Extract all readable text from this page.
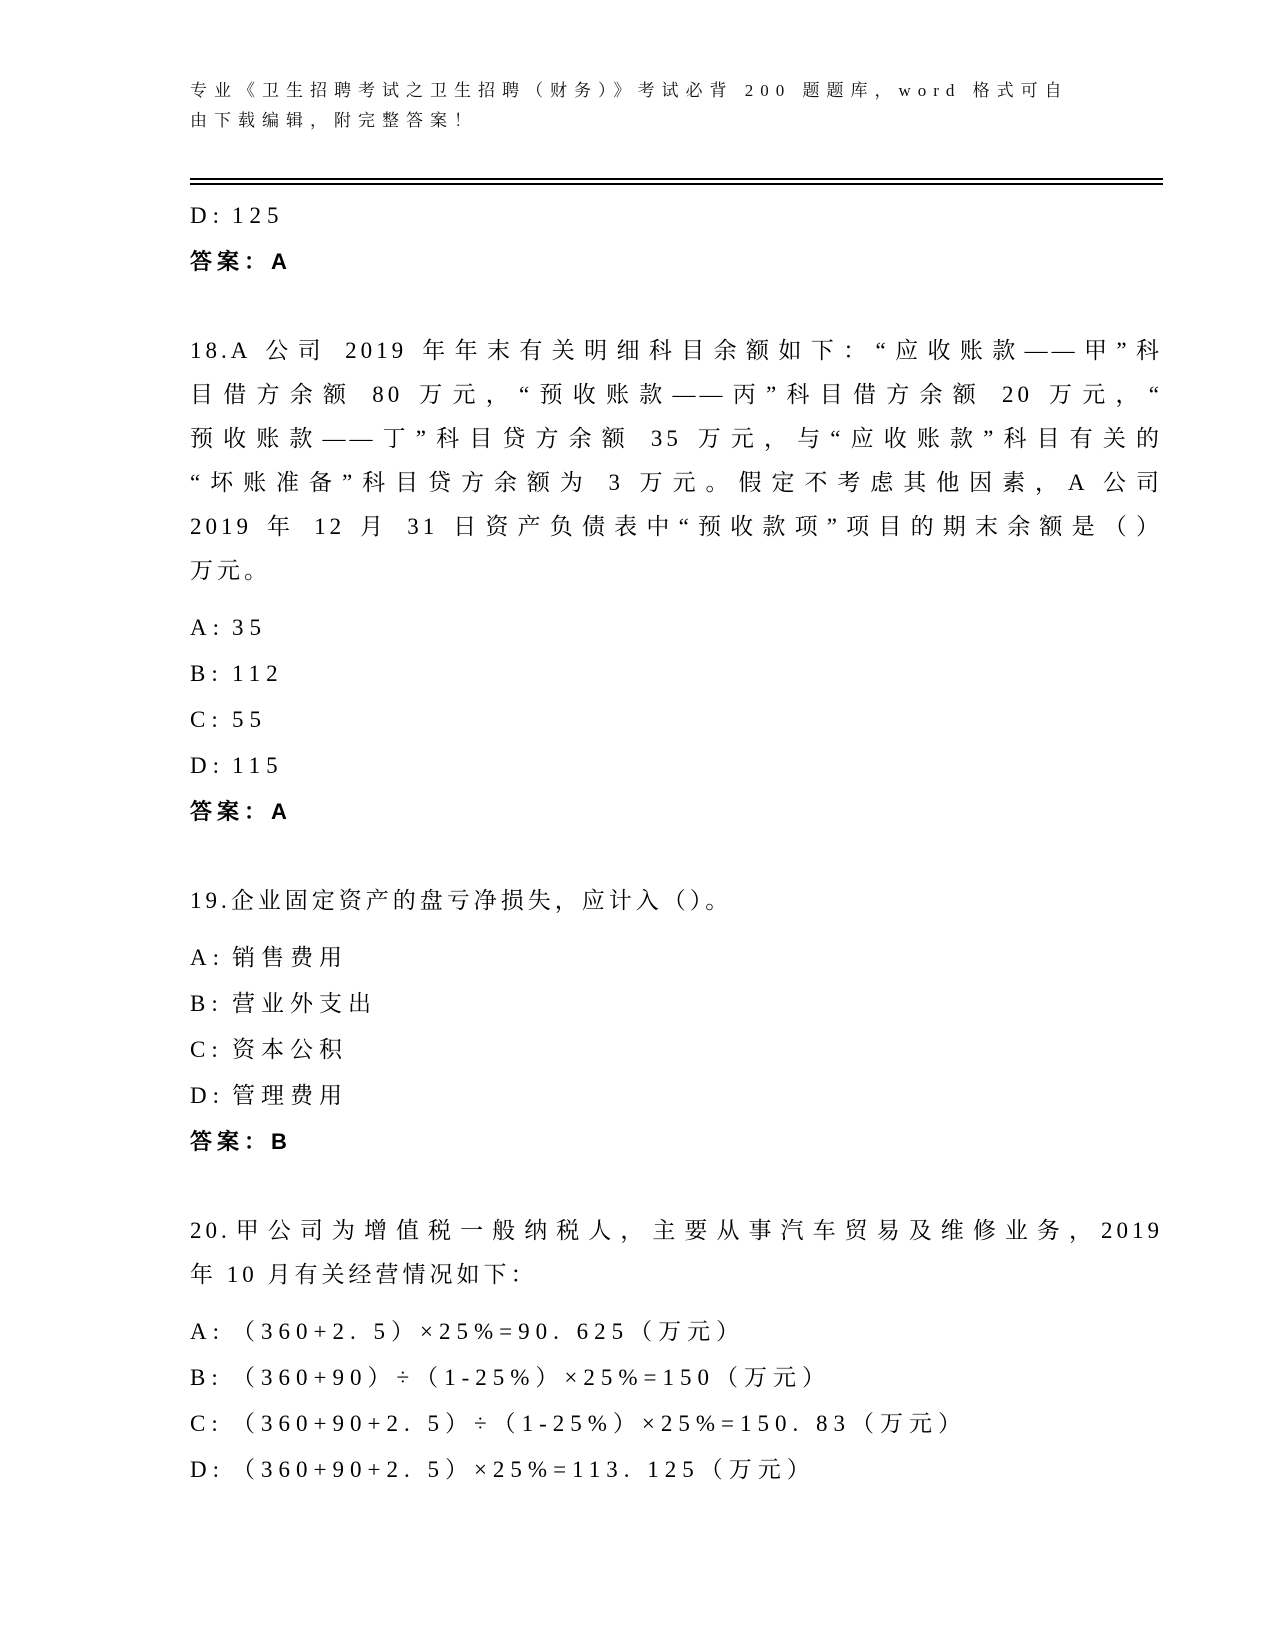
专业《卫生招聘考试之卫生招聘（财务）》考试必背 200 题题库，word 格式可自
由下载编辑，附完整答案！
D: 125
答案：A
18.A 公司 2019 年年末有关明细科目余额如下：“应收账款——甲”科
目借方余额 80 万元，“预收账款——丙”科目借方余额 20 万元，“
预收账款——丁”科目贷方余额 35 万元，与“应收账款”科目有关的
“坏账准备”科目贷方余额为 3 万元。假定不考虑其他因素，A 公司
2019 年 12 月 31 日资产负债表中“预收款项”项目的期末余额是（）
万元。
A: 35
B: 112
C: 55
D: 115
答案：A
19.企业固定资产的盘亏净损失，应计入（）。
A: 销售费用
B: 营业外支出
C: 资本公积
D: 管理费用
答案：B
20.甲公司为增值税一般纳税人，主要从事汽车贸易及维修业务，2019
年 10 月有关经营情况如下：
A: （360+2. 5）×25%=90. 625（万元）
B: （360+90）÷（1-25%）×25%=150（万元）
C: （360+90+2. 5）÷（1-25%）×25%=150. 83（万元）
D: （360+90+2. 5）×25%=113. 125（万元）
